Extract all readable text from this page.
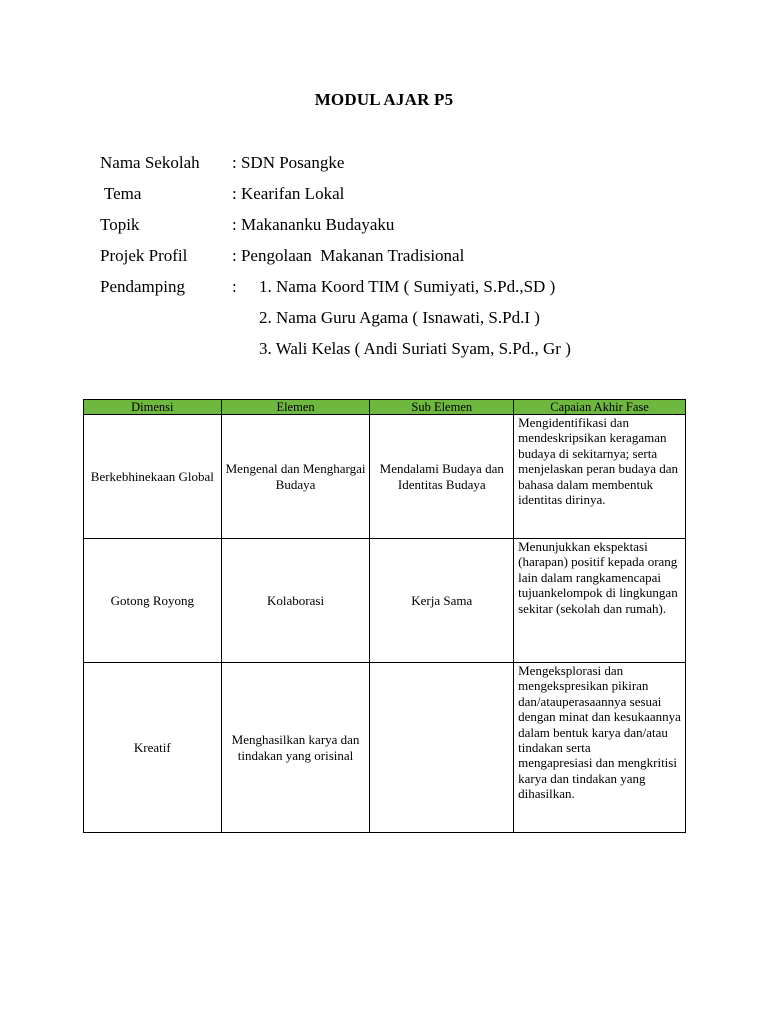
MODUL AJAR P5

Nama Sekolah

: SDN Posangke

Tema

	: Kearifan Lokal

Topik

	: Makananku Budayaku

Projek Profil

	: Pengolaan  Makanan Tradisional

Pendamping

	: 1. Nama Koord TIM ( Sumiyati, S.Pd.,SD )
2. Nama Guru Agama ( Isnawati, S.Pd.I )
3. Wali Kelas ( Andi Suriati Syam, S.Pd., Gr )
Dimensi	Elemen	Sub Elemen	Capaian Akhir Fase
Berkebhinekaan Global	Mengenal dan Menghargai Budaya	Mendalami Budaya dan Identitas Budaya	Mengidentifikasi dan mendeskripsikan keragaman
budaya di sekitarnya; serta menjelaskan peran budaya dan
bahasa dalam membentuk identitas dirinya.

Gotong Royong	Kolaborasi	Kerja Sama	Menunjukkan ekspektasi (harapan) positif kepada orang lain dalam rangkamencapai tujuankelompok di lingkungan
sekitar (sekolah dan rumah).

Kreatif	Menghasilkan karya dan tindakan yang orisinal		Mengeksplorasi dan mengekspresikan pikiran dan/atauperasaannya sesuai dengan minat dan kesukaannya dalam bentuk karya dan/atau tindakan serta
mengapresiasi dan mengkritisi
karya dan tindakan yang dihasilkan.
